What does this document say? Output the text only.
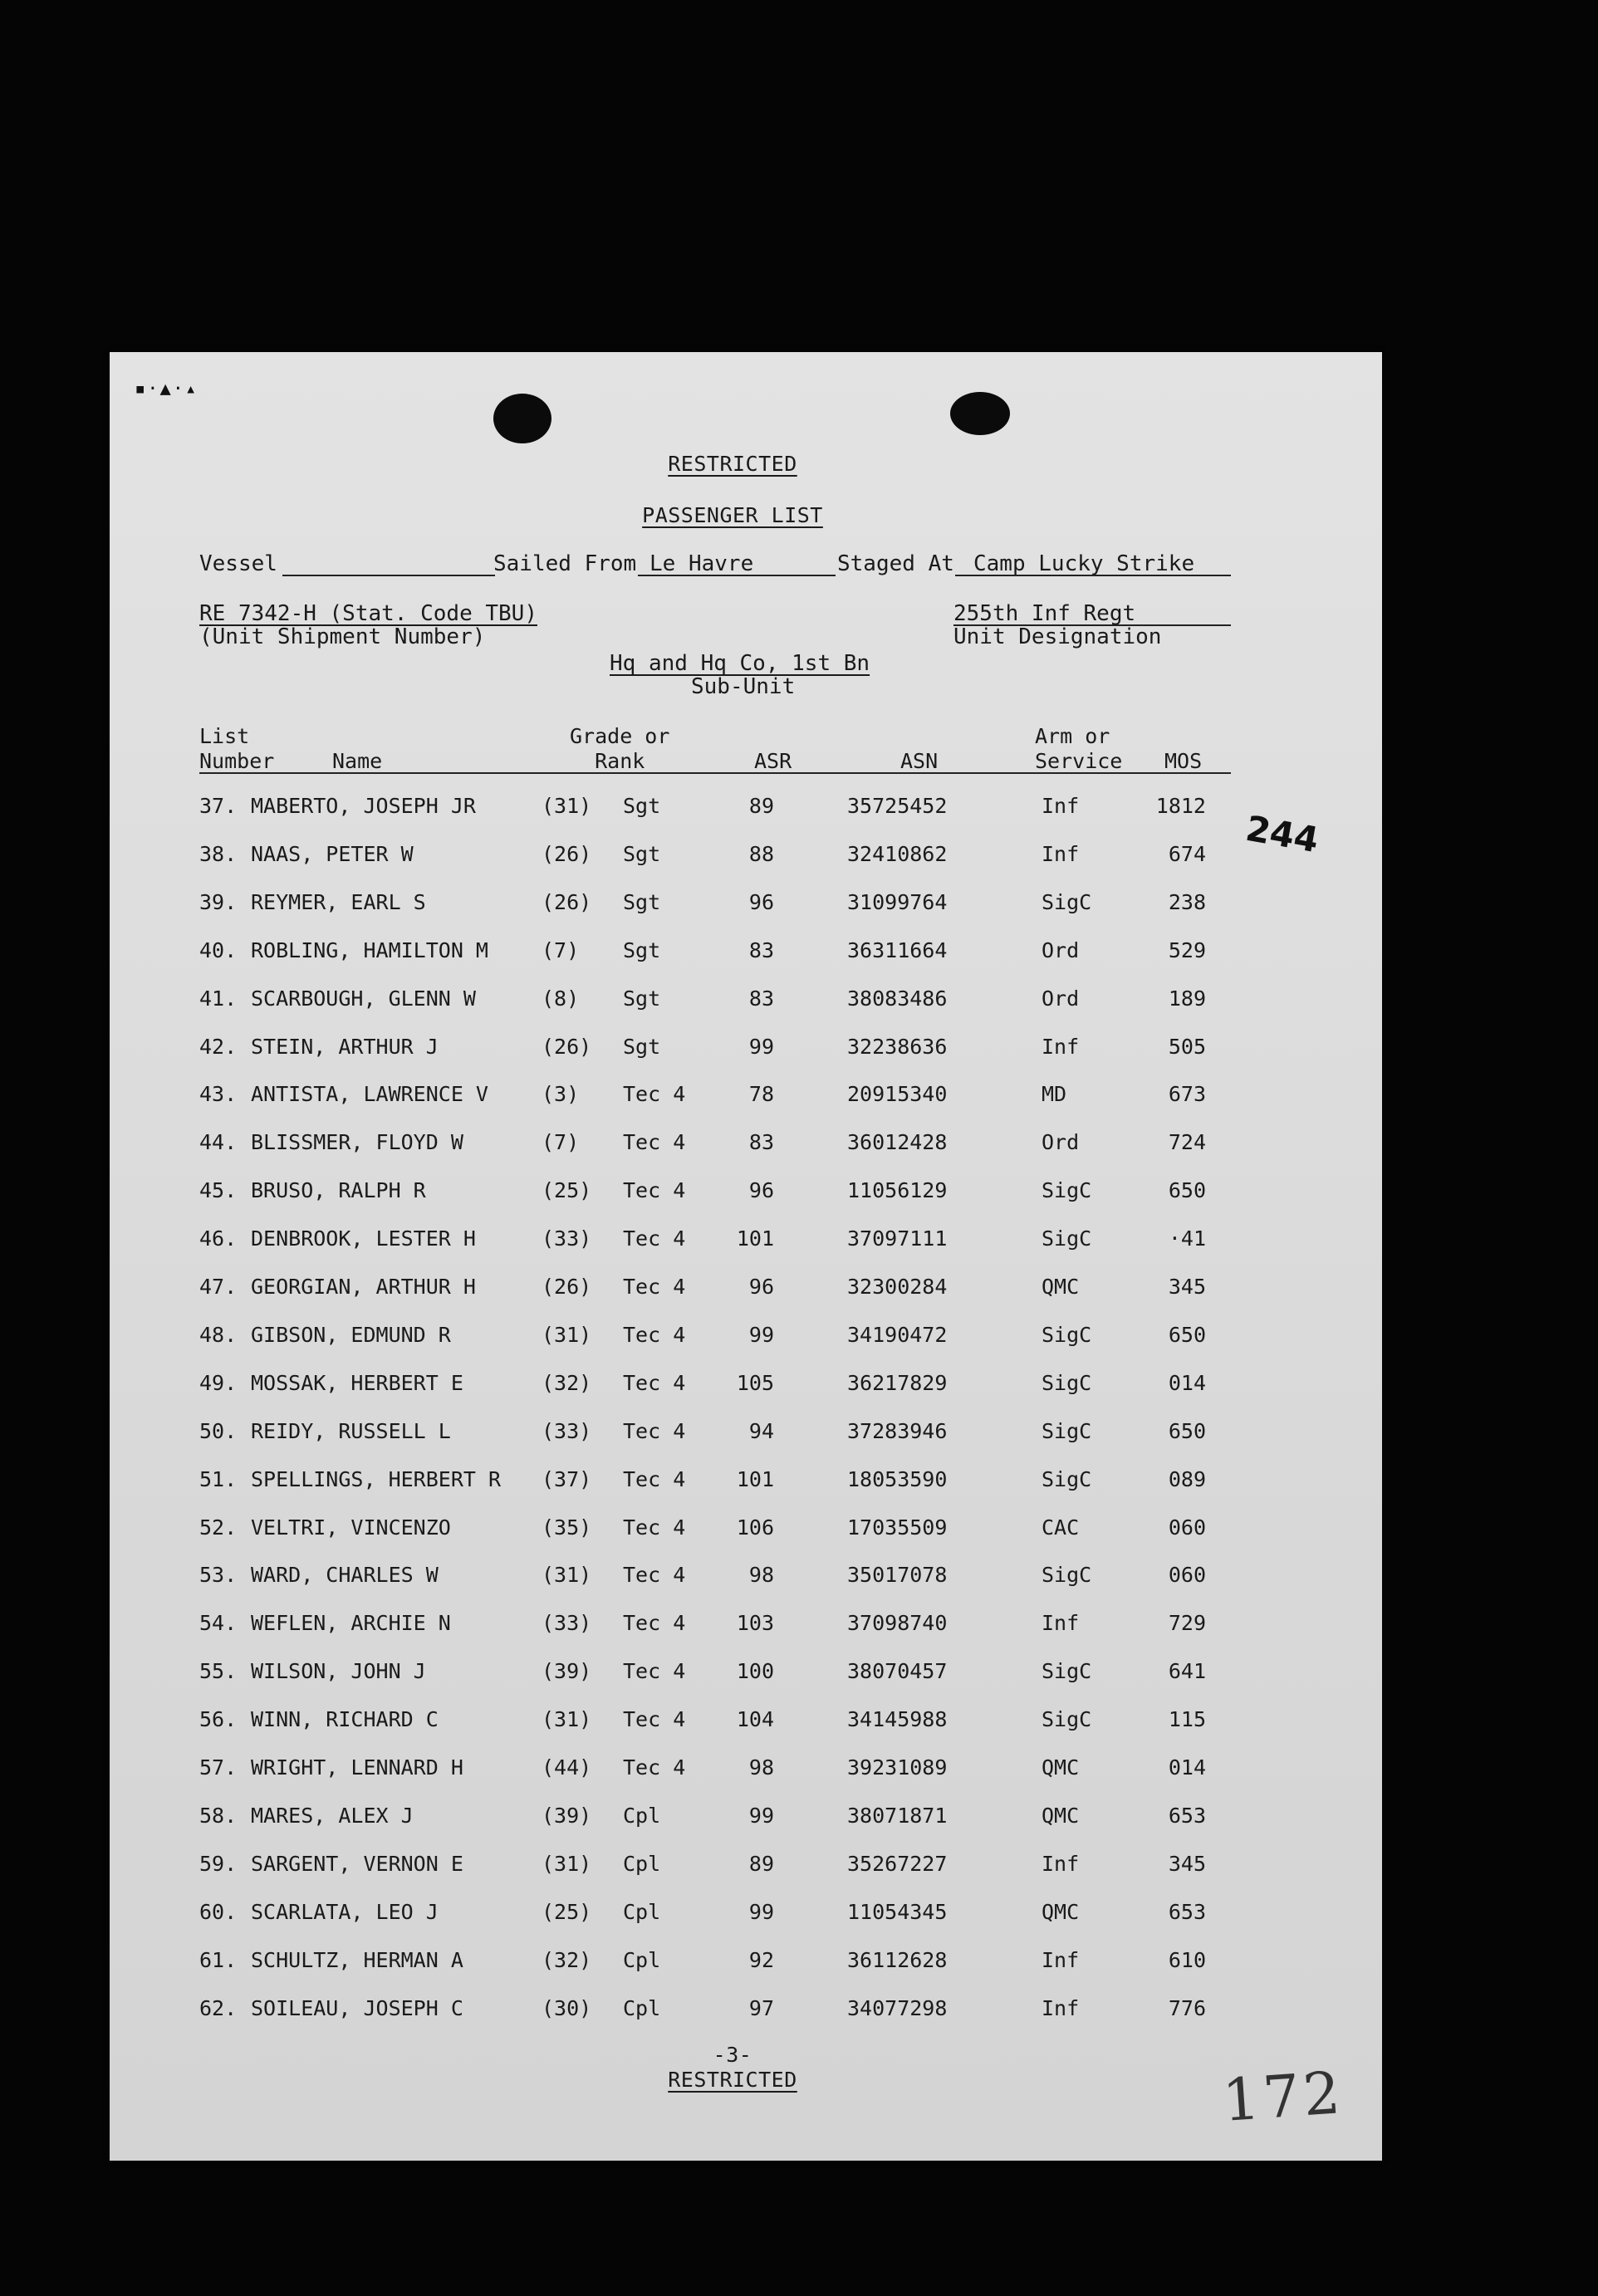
▪·▲·▴
RESTRICTED
PASSENGER LIST
Vessel	Sailed From Le Havre	Staged At Camp Lucky Strike
RE 7342-H (Stat. Code TBU)
(Unit Shipment Number)
255th Inf Regt
Unit Designation
Hq and Hq Co, 1st Bn
Sub-Unit
List
Number	Name
Grade or
Rank	ASR	ASN
Arm or
Service MOS
37. MABERTO, JOSEPH JR	(31) Sgt	89	35725452	Inf	1812
38. NAAS, PETER W	(26) Sgt	88	32410862	Inf	674
39. REYMER, EARL S	(26) Sgt	96	31099764	SigC	238
40. ROBLING, HAMILTON M	(7) Sgt	83	36311664	Ord	529
41. SCARBOUGH, GLENN W	(8) Sgt	83	38083486	Ord	189
42. STEIN, ARTHUR J	(26) Sgt	99	32238636	Inf	505
43. ANTISTA, LAWRENCE V	(3) Tec 4	78	20915340	MD	673
44. BLISSMER, FLOYD W	(7) Tec 4	83	36012428	Ord	724
45. BRUSO, RALPH R	(25) Tec 4	96	11056129	SigC	650
46. DENBROOK, LESTER H	(33) Tec 4	101	37097111	SigC	·41
47. GEORGIAN, ARTHUR H	(26) Tec 4	96	32300284	QMC	345
48. GIBSON, EDMUND R	(31) Tec 4	99	34190472	SigC	650
49. MOSSAK, HERBERT E	(32) Tec 4	105	36217829	SigC	014
50. REIDY, RUSSELL L	(33) Tec 4	94	37283946	SigC	650
51. SPELLINGS, HERBERT R (37) Tec 4	101	18053590	SigC	089
52. VELTRI, VINCENZO	(35) Tec 4	106	17035509	CAC	060
53. WARD, CHARLES W	(31) Tec 4	98	35017078	SigC	060
54. WEFLEN, ARCHIE N	(33) Tec 4	103	37098740	Inf	729
55. WILSON, JOHN J	(39) Tec 4	100	38070457	SigC	641
56. WINN, RICHARD C	(31) Tec 4	104	34145988	SigC	115
57. WRIGHT, LENNARD H	(44) Tec 4	98	39231089	QMC	014
58. MARES, ALEX J	(39) Cpl	99	38071871	QMC	653
59. SARGENT, VERNON E	(31) Cpl	89	35267227	Inf	345
60. SCARLATA, LEO J	(25) Cpl	99	11054345	QMC	653
61. SCHULTZ, HERMAN A	(32) Cpl	92	36112628	Inf	610
62. SOILEAU, JOSEPH C	(30) Cpl	97	34077298	Inf	776
244
-3-
RESTRICTED	172
